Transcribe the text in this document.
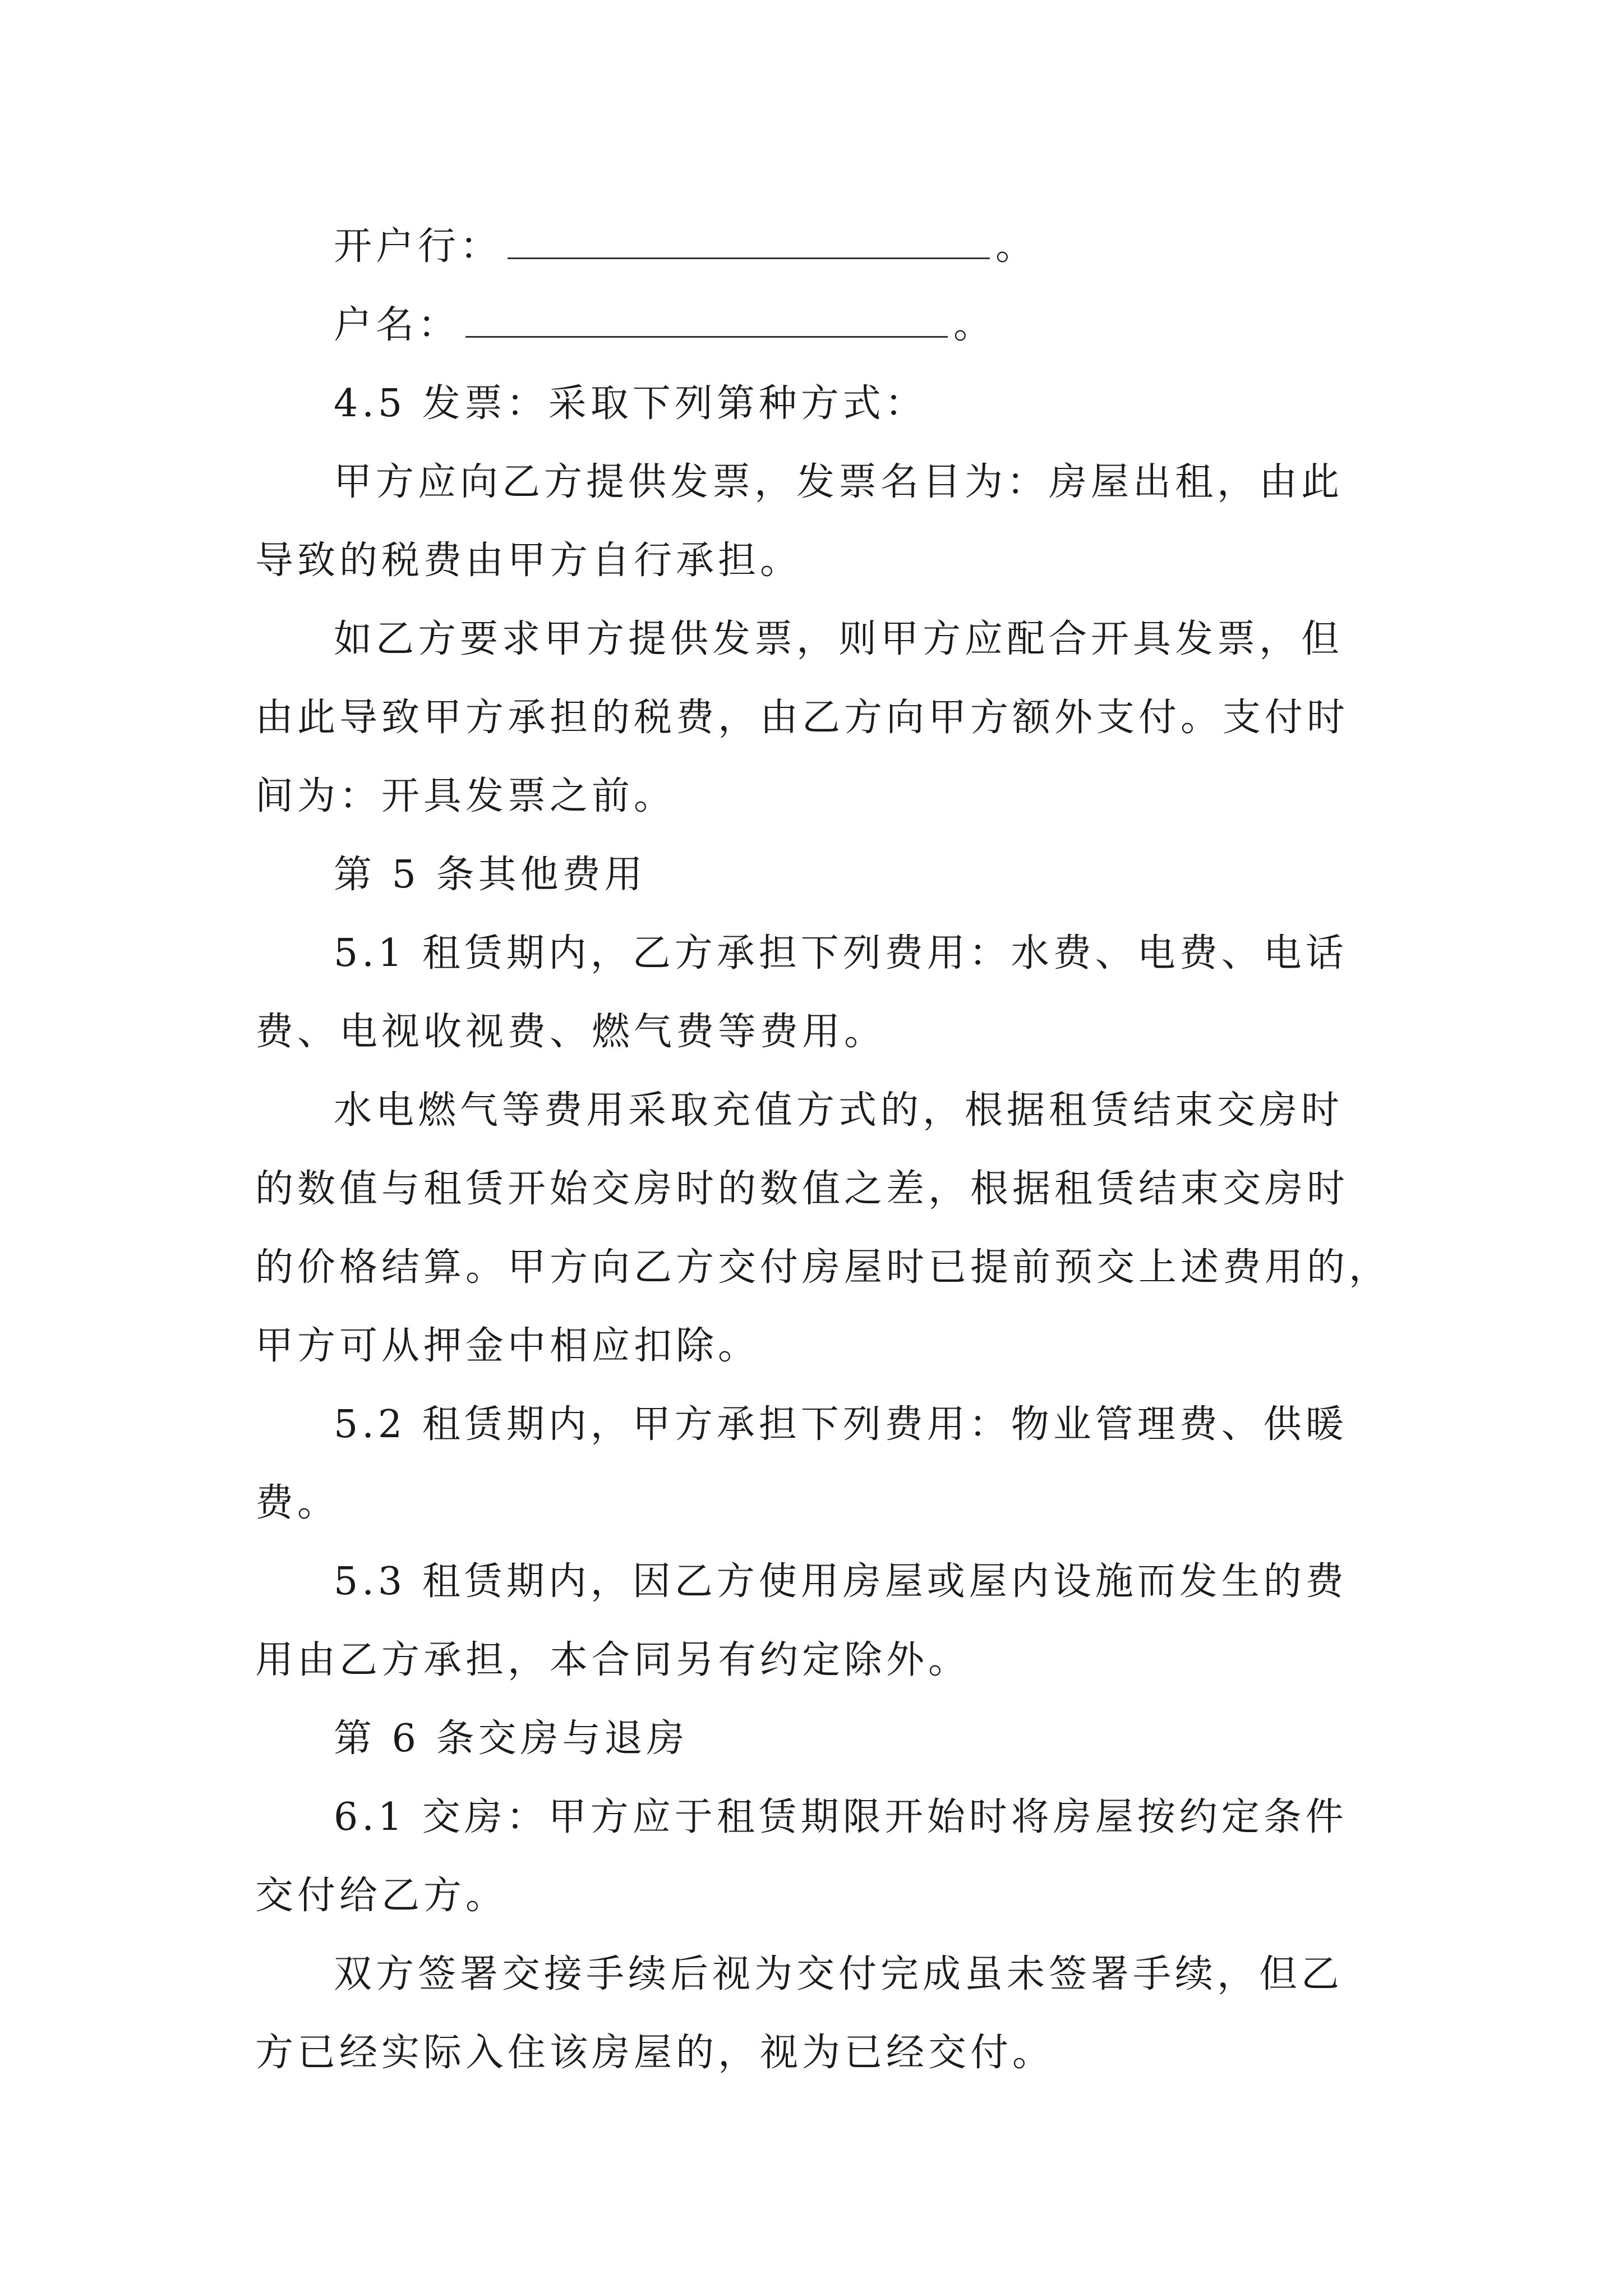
开户行：	。
户名：	。
4.5 发票：采取下列第种方式：
甲方应向乙方提供发票，发票名目为：房屋出租，由此
导致的税费由甲方自行承担。
如乙方要求甲方提供发票，则甲方应配合开具发票，但
由此导致甲方承担的税费，由乙方向甲方额外支付。支付时
间为：开具发票之前。
第 5 条其他费用
5.1 租赁期内，乙方承担下列费用：水费、电费、电话
费、电视收视费、燃气费等费用。
水电燃气等费用采取充值方式的，根据租赁结束交房时
的数值与租赁开始交房时的数值之差，根据租赁结束交房时
的价格结算。甲方向乙方交付房屋时已提前预交上述费用的，
甲方可从押金中相应扣除。
5.2 租赁期内，甲方承担下列费用：物业管理费、供暖
费。
5.3 租赁期内，因乙方使用房屋或屋内设施而发生的费
用由乙方承担，本合同另有约定除外。
第 6 条交房与退房
6.1 交房：甲方应于租赁期限开始时将房屋按约定条件
交付给乙方。
双方签署交接手续后视为交付完成虽未签署手续，但乙
方已经实际入住该房屋的，视为已经交付。
